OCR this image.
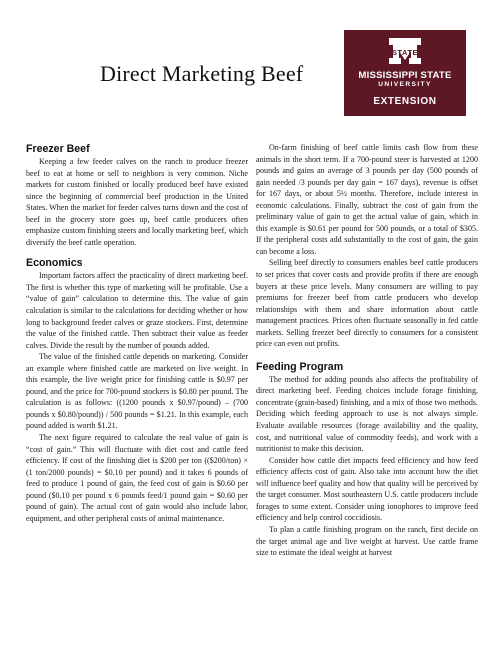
Direct Marketing Beef
STATE
MISSISSIPPI STATE
UNIVERSITY
EXTENSION
Freezer Beef

Keeping a few feeder calves on the ranch to produce freezer beef to eat at home or sell to neighbors is very common. Niche markets for custom finished or locally produced beef have existed since the beginning of commercial beef production in the United States. When the market for feeder calves turns down and the cost of beef in the grocery store goes up, beef cattle producers often emphasize custom finishing steers and locally marketing beef, which diversify the beef cattle operation.

Economics

Important factors affect the practicality of direct marketing beef. The first is whether this type of marketing will be profitable. Use a “value of gain” calculation to determine this. The value of gain calculation is similar to the calculations for deciding whether or how long to background feeder calves or graze stockers. First, determine the value of the finished cattle. Then subtract their value as feeder calves. Divide the result by the number of pounds added.

The value of the finished cattle depends on marketing. Consider an example where finished cattle are marketed on live weight. In this example, the live weight price for finishing cattle is $0.97 per pound, and the price for 700-pound stockers is $0.80 per pound. The calculation is as follows: ((1200 pounds x $0.97/pound) – (700 pounds x $0.80/pound)) / 500 pounds = $1.21. In this example, each pound added is worth $1.21.

The next figure required to calculate the real value of gain is “cost of gain.” This will fluctuate with diet cost and cattle feed efficiency. If cost of the finishing diet is $200 per ton (($200/ton) × (1 ton/2000 pounds) = $0.10 per pound) and it takes 6 pounds of feed to produce 1 pound of gain, the feed cost of gain is $0.60 per pound ($0.10 per pound x 6 pounds feed/1 pound gain = $0.60 per pound of gain). The actual cost of gain would also include labor, equipment, and other peripheral costs of animal maintenance.

On-farm finishing of beef cattle limits cash flow from these animals in the short term. If a 700-pound steer is harvested at 1200 pounds and gains an average of 3 pounds per day (500 pounds of gain needed /3 pounds per day gain = 167 days), revenue is offset for 167 days, or about 5½ months. Therefore, include interest in economic calculations. Finally, subtract the cost of gain from the preliminary value of gain to get the actual value of gain, which in this example is $0.61 per pound for 500 pounds, or a total of $305. If the peripheral costs add substantially to the cost of gain, the gain can become a loss.

Selling beef directly to consumers enables beef cattle producers to set prices that cover costs and provide profits if there are enough buyers at these price levels. Many consumers are willing to pay premiums for freezer beef from cattle producers who develop relationships with them and share information about cattle management practices. Prices often fluctuate seasonally in fed cattle markets. Selling freezer beef directly to consumers for a consistent price can even out profits.

Feeding Program

The method for adding pounds also affects the profitability of direct marketing beef. Feeding choices include forage finishing, concentrate (grain-based) finishing, and a mix of those two methods. Deciding which feeding approach to use is not always simple. Evaluate available resources (forage availability and the quality, cost, and nutritional value of commodity feeds), and work with a nutritionist to make this decision.

Consider how cattle diet impacts feed efficiency and how feed efficiency affects cost of gain. Also take into account how the diet will influence beef quality and how that quality will be perceived by the target consumer. Most southeastern U.S. cattle producers include forages to some extent. Consider using ionophores to improve feed efficiency and help control coccidiosis.

To plan a cattle finishing program on the ranch, first decide on the target animal age and live weight at harvest. Use cattle frame size to estimate the ideal weight at harvest
